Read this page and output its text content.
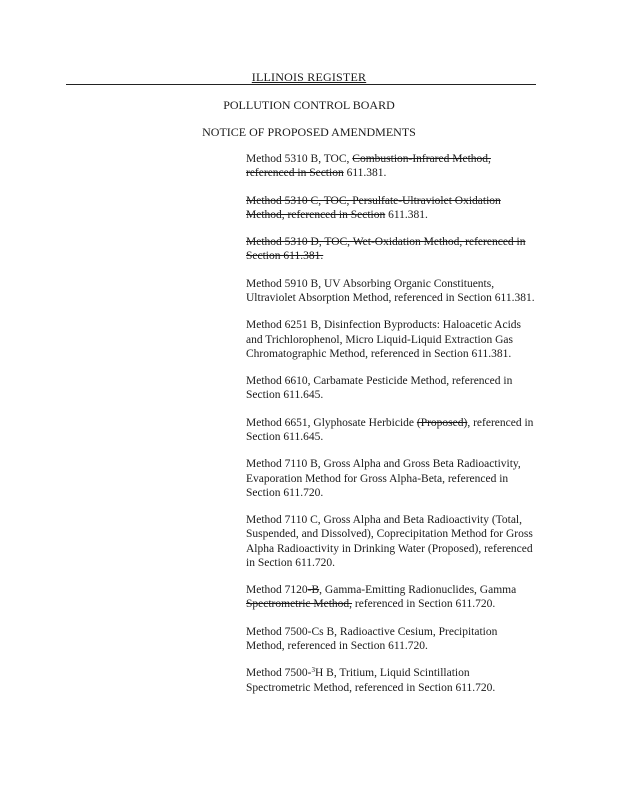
ILLINOIS REGISTER
POLLUTION CONTROL BOARD
NOTICE OF PROPOSED AMENDMENTS
Method 5310 B, TOC, Combustion-Infrared Method, referenced in Section 611.381.
Method 5310 C, TOC, Persulfate-Ultraviolet Oxidation Method, referenced in Section 611.381.
Method 5310 D, TOC, Wet-Oxidation Method, referenced in Section 611.381.
Method 5910 B, UV Absorbing Organic Constituents, Ultraviolet Absorption Method, referenced in Section 611.381.
Method 6251 B, Disinfection Byproducts: Haloacetic Acids and Trichlorophenol, Micro Liquid-Liquid Extraction Gas Chromatographic Method, referenced in Section 611.381.
Method 6610, Carbamate Pesticide Method, referenced in Section 611.645.
Method 6651, Glyphosate Herbicide (Proposed), referenced in Section 611.645.
Method 7110 B, Gross Alpha and Gross Beta Radioactivity, Evaporation Method for Gross Alpha-Beta, referenced in Section 611.720.
Method 7110 C, Gross Alpha and Beta Radioactivity (Total, Suspended, and Dissolved), Coprecipitation Method for Gross Alpha Radioactivity in Drinking Water (Proposed), referenced in Section 611.720.
Method 7120-B, Gamma-Emitting Radionuclides, Gamma Spectrometric Method, referenced in Section 611.720.
Method 7500-Cs B, Radioactive Cesium, Precipitation Method, referenced in Section 611.720.
Method 7500-$^3$H B, Tritium, Liquid Scintillation Spectrometric Method, referenced in Section 611.720.
